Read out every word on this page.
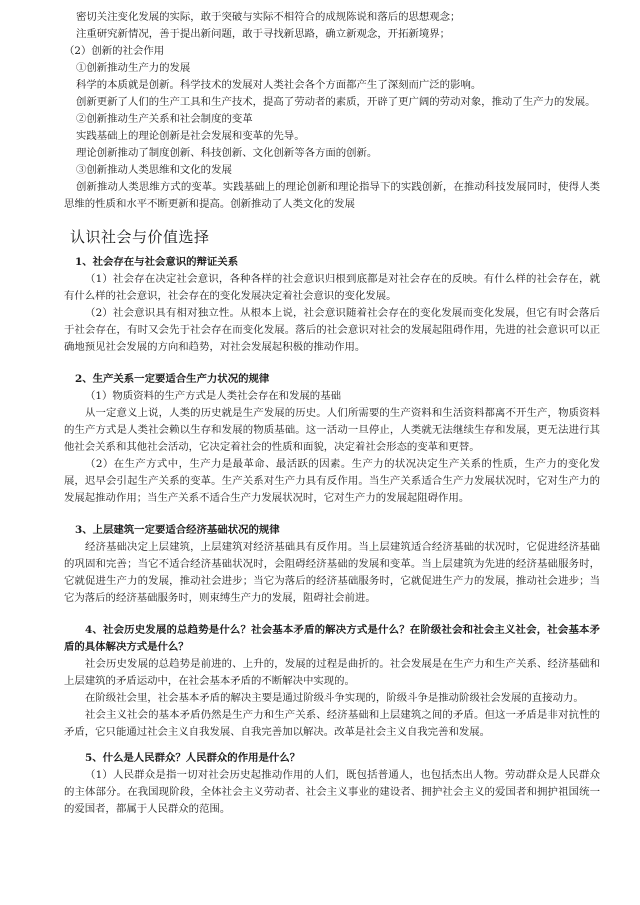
密切关注变化发展的实际，敢于突破与实际不相符合的成规陈说和落后的思想观念；

注重研究新情况，善于提出新问题，敢于寻找新思路，确立新观念，开拓新境界；

（2）创新的社会作用

①创新推动生产力的发展

科学的本质就是创新。科学技术的发展对人类社会各个方面都产生了深刻而广泛的影响。

创新更新了人们的生产工具和生产技术，提高了劳动者的素质，开辟了更广阔的劳动对象，推动了生产力的发展。

②创新推动生产关系和社会制度的变革

实践基础上的理论创新是社会发展和变革的先导。

理论创新推动了制度创新、科技创新、文化创新等各方面的创新。

③创新推动人类思维和文化的发展

创新推动人类思维方式的变革。实践基础上的理论创新和理论指导下的实践创新，在推动科技发展同时，使得人类思维的性质和水平不断更新和提高。创新推动了人类文化的发展

认识社会与价值选择

1、社会存在与社会意识的辩证关系

（1）社会存在决定社会意识，各种各样的社会意识归根到底都是对社会存在的反映。有什么样的社会存在，就有什么样的社会意识，社会存在的变化发展决定着社会意识的变化发展。

（2）社会意识具有相对独立性。从根本上说，社会意识随着社会存在的变化发展而变化发展，但它有时会落后于社会存在，有时又会先于社会存在而变化发展。落后的社会意识对社会的发展起阻碍作用，先进的社会意识可以正确地预见社会发展的方向和趋势，对社会发展起积极的推动作用。

2、生产关系一定要适合生产力状况的规律

（1）物质资料的生产方式是人类社会存在和发展的基础

从一定意义上说，人类的历史就是生产发展的历史。人们所需要的生产资料和生活资料都离不开生产，物质资料的生产方式是人类社会赖以生存和发展的物质基础。这一活动一旦停止，人类就无法继续生存和发展，更无法进行其他社会关系和其他社会活动，它决定着社会的性质和面貌，决定着社会形态的变革和更替。

（2）在生产方式中，生产力是最革命、最活跃的因素。生产力的状况决定生产关系的性质，生产力的变化发展，迟早会引起生产关系的变革。生产关系对生产力具有反作用。当生产关系适合生产力发展状况时，它对生产力的发展起推动作用；当生产关系不适合生产力发展状况时，它对生产力的发展起阻碍作用。

3、上层建筑一定要适合经济基础状况的规律

经济基础决定上层建筑，上层建筑对经济基础具有反作用。当上层建筑适合经济基础的状况时，它促进经济基础的巩固和完善；当它不适合经济基础状况时，会阻碍经济基础的发展和变革。当上层建筑为先进的经济基础服务时，它就促进生产力的发展，推动社会进步；当它为落后的经济基础服务时，它就促进生产力的发展，推动社会进步；当它为落后的经济基础服务时，则束缚生产力的发展，阻碍社会前进。

4、社会历史发展的总趋势是什么？社会基本矛盾的解决方式是什么？在阶级社会和社会主义社会，社会基本矛盾的具体解决方式是什么？

社会历史发展的总趋势是前进的、上升的，发展的过程是曲折的。社会发展是在生产力和生产关系、经济基础和上层建筑的矛盾运动中，在社会基本矛盾的不断解决中实现的。

在阶级社会里，社会基本矛盾的解决主要是通过阶级斗争实现的，阶级斗争是推动阶级社会发展的直接动力。

社会主义社会的基本矛盾仍然是生产力和生产关系、经济基础和上层建筑之间的矛盾。但这一矛盾是非对抗性的矛盾，它只能通过社会主义自我发展、自我完善加以解决。改革是社会主义自我完善和发展。

5、什么是人民群众？人民群众的作用是什么？

（1）人民群众是指一切对社会历史起推动作用的人们，既包括普通人，也包括杰出人物。劳动群众是人民群众的主体部分。在我国现阶段，全体社会主义劳动者、社会主义事业的建设者、拥护社会主义的爱国者和拥护祖国统一的爱国者，都属于人民群众的范围。
